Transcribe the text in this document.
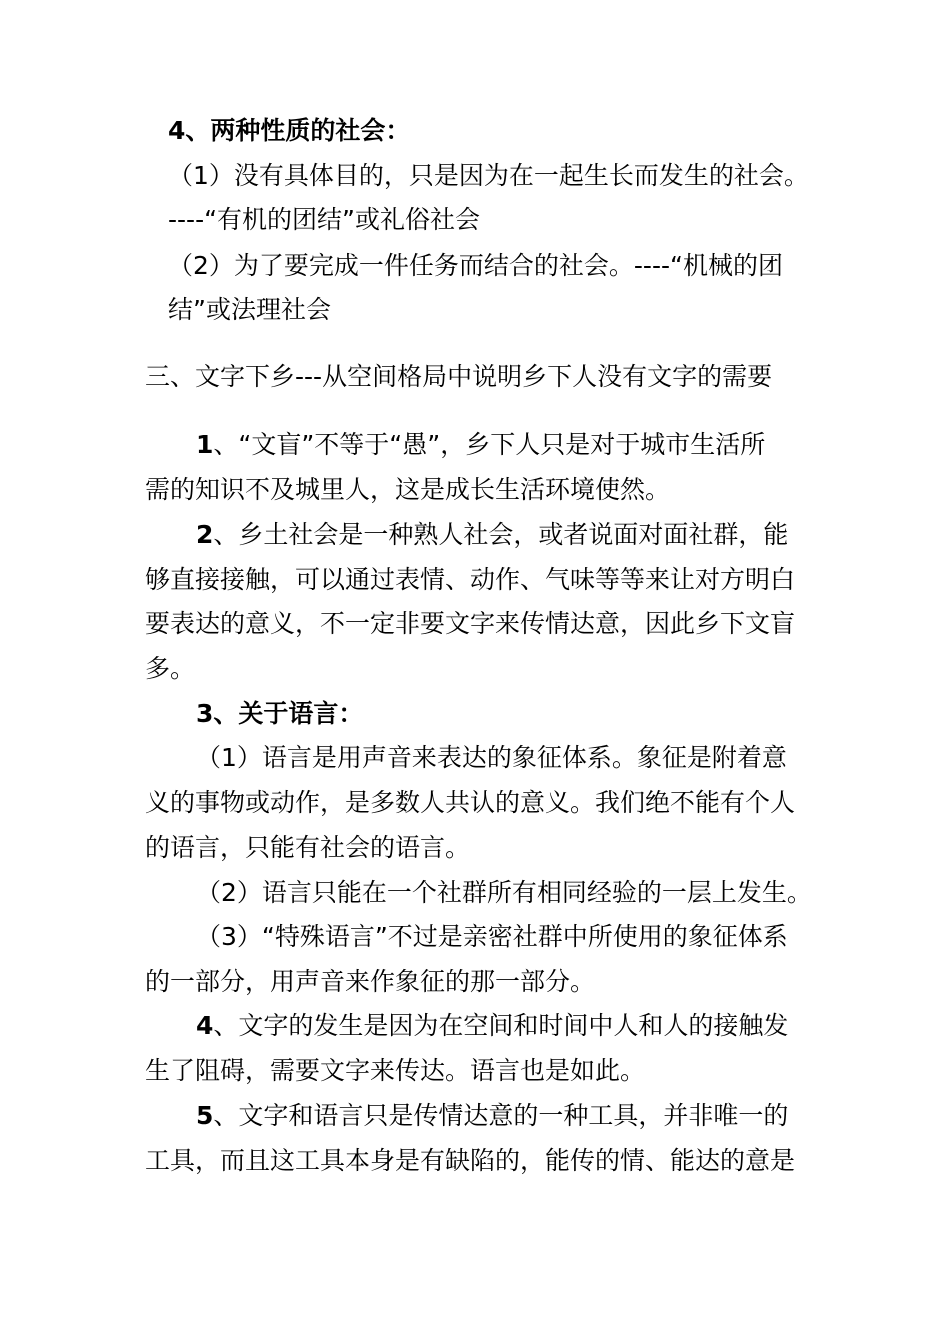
4、两种性质的社会：
（1）没有具体目的，只是因为在一起生长而发生的社会。
----“有机的团结”或礼俗社会
（2）为了要完成一件任务而结合的社会。----“机械的团
结”或法理社会
三、文字下乡---从空间格局中说明乡下人没有文字的需要
1、“文盲”不等于“愚”，乡下人只是对于城市生活所
需的知识不及城里人，这是成长生活环境使然。
2、乡土社会是一种熟人社会，或者说面对面社群，能
够直接接触，可以通过表情、动作、气味等等来让对方明白
要表达的意义，不一定非要文字来传情达意，因此乡下文盲
多。
3、关于语言：
（1）语言是用声音来表达的象征体系。象征是附着意
义的事物或动作，是多数人共认的意义。我们绝不能有个人
的语言，只能有社会的语言。
（2）语言只能在一个社群所有相同经验的一层上发生。
（3）“特殊语言”不过是亲密社群中所使用的象征体系
的一部分，用声音来作象征的那一部分。
4、文字的发生是因为在空间和时间中人和人的接触发
生了阻碍，需要文字来传达。语言也是如此。
5、文字和语言只是传情达意的一种工具，并非唯一的
工具，而且这工具本身是有缺陷的，能传的情、能达的意是
